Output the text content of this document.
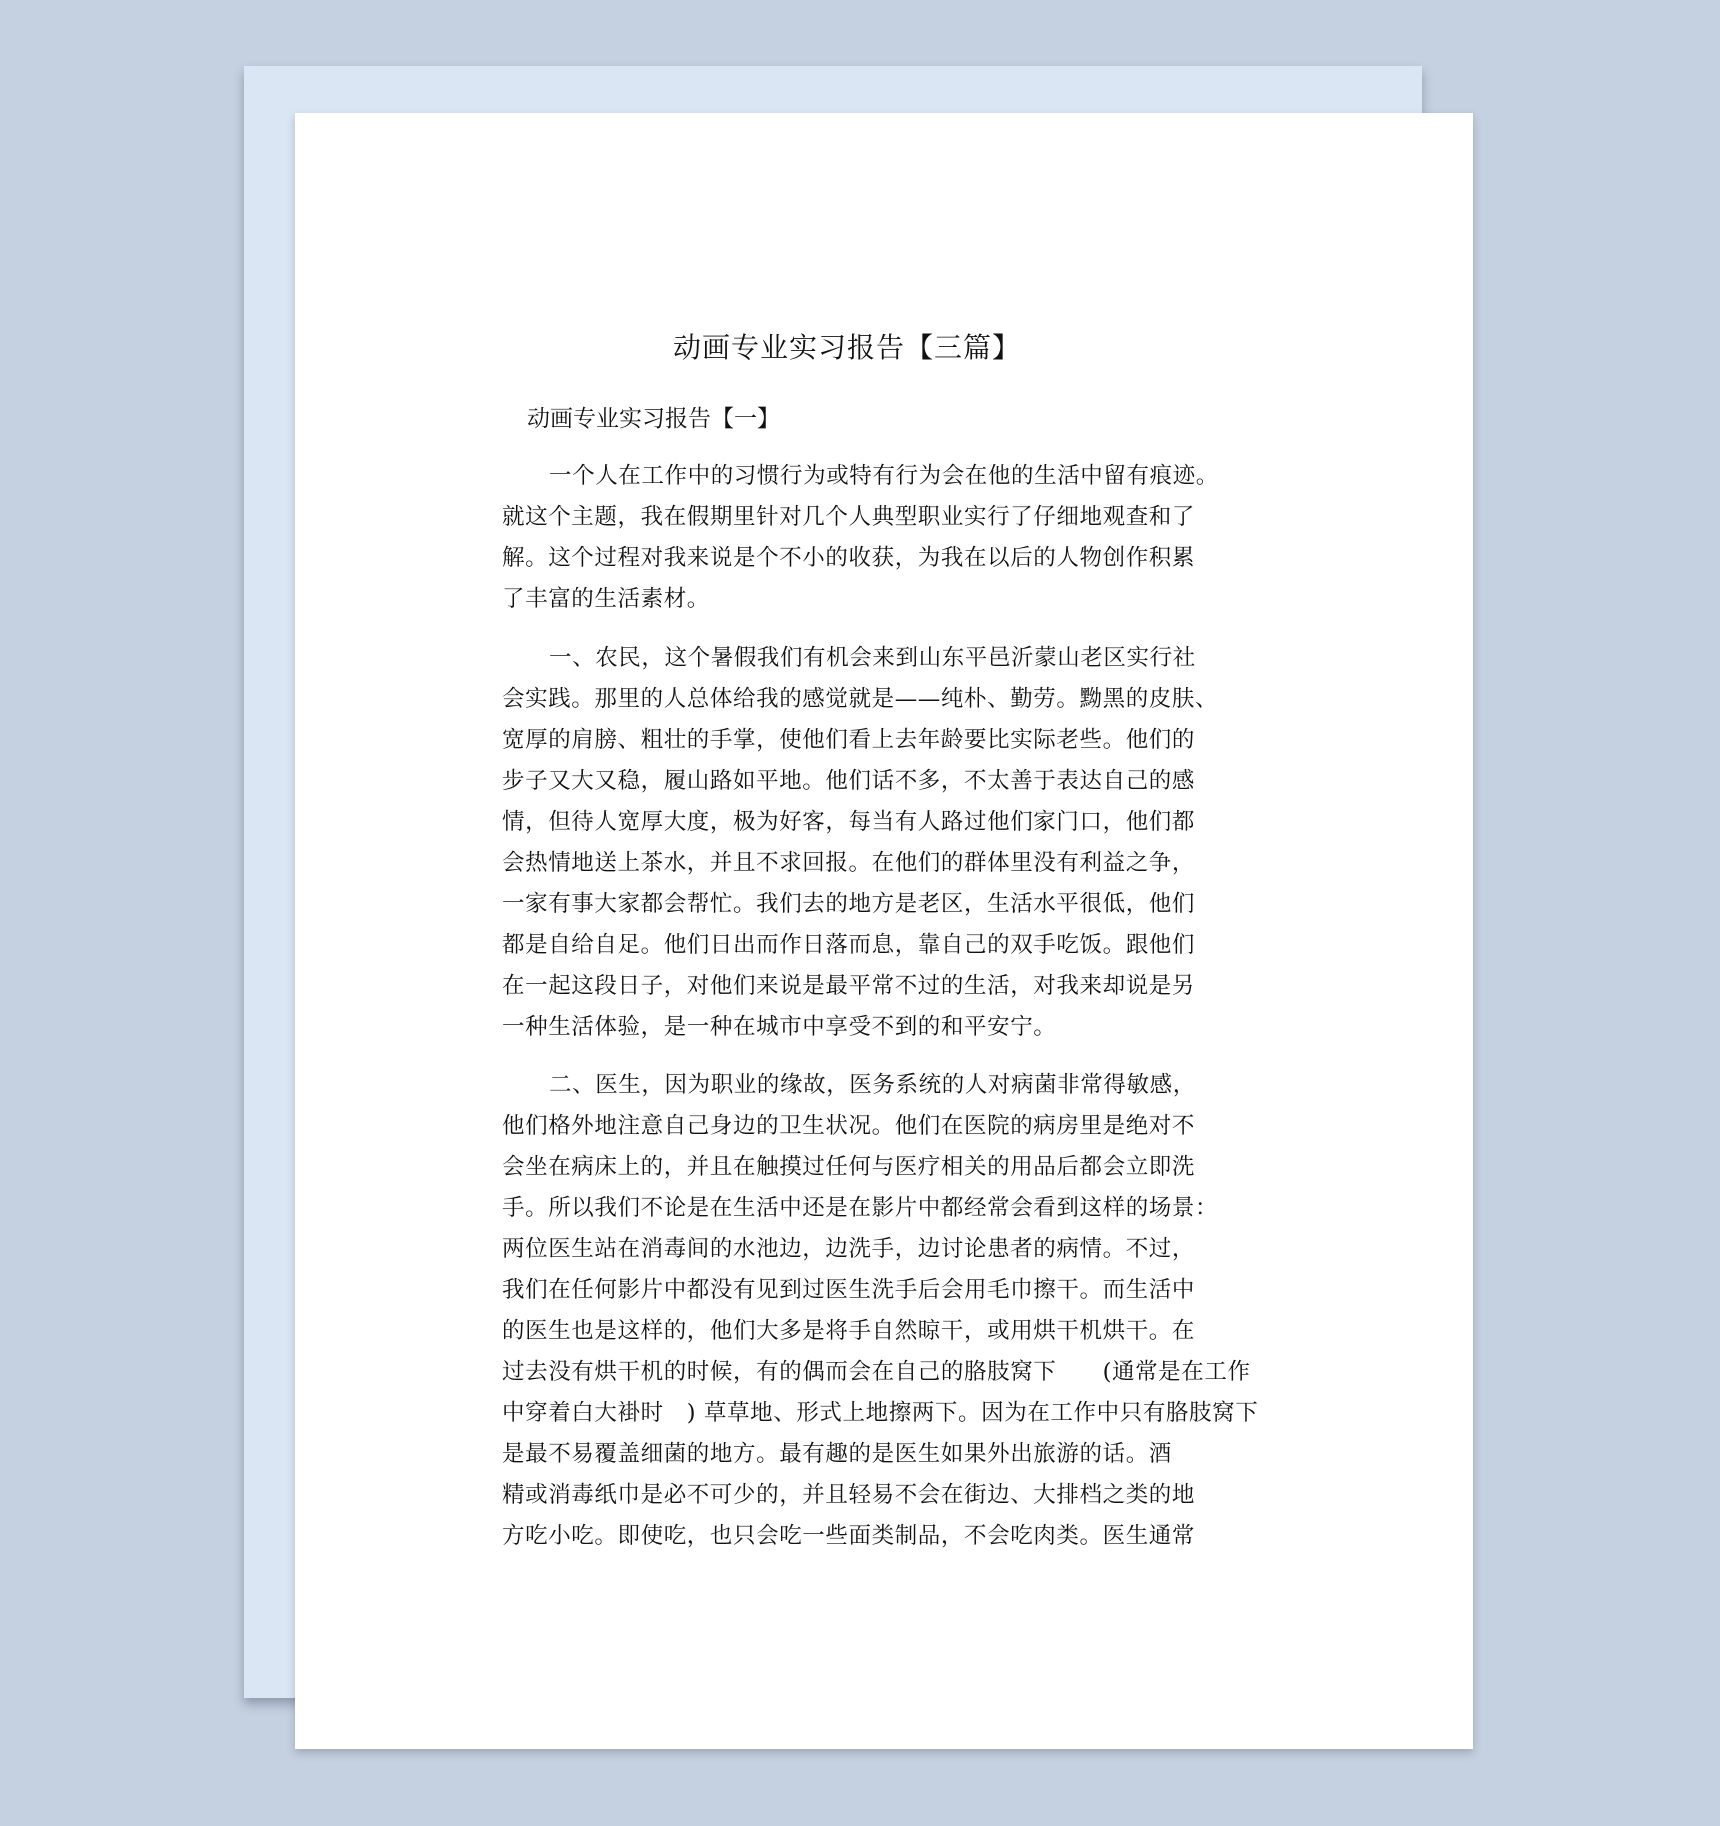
动画专业实习报告【三篇】
动画专业实习报告【一】
一个人在工作中的习惯行为或特有行为会在他的生活中留有痕迹。
就这个主题，我在假期里针对几个人典型职业实行了仔细地观查和了
解。这个过程对我来说是个不小的收获，为我在以后的人物创作积累
了丰富的生活素材。
一、农民，这个暑假我们有机会来到山东平邑沂蒙山老区实行社
会实践。那里的人总体给我的感觉就是——纯朴、勤劳。黝黑的皮肤、
宽厚的肩膀、粗壮的手掌，使他们看上去年龄要比实际老些。他们的
步子又大又稳，履山路如平地。他们话不多，不太善于表达自己的感
情，但待人宽厚大度，极为好客，每当有人路过他们家门口，他们都
会热情地送上茶水，并且不求回报。在他们的群体里没有利益之争，
一家有事大家都会帮忙。我们去的地方是老区，生活水平很低，他们
都是自给自足。他们日出而作日落而息，靠自己的双手吃饭。跟他们
在一起这段日子，对他们来说是最平常不过的生活，对我来却说是另
一种生活体验，是一种在城市中享受不到的和平安宁。
二、医生，因为职业的缘故，医务系统的人对病菌非常得敏感，
他们格外地注意自己身边的卫生状况。他们在医院的病房里是绝对不
会坐在病床上的，并且在触摸过任何与医疗相关的用品后都会立即洗
手。所以我们不论是在生活中还是在影片中都经常会看到这样的场景：
两位医生站在消毒间的水池边，边洗手，边讨论患者的病情。不过，
我们在任何影片中都没有见到过医生洗手后会用毛巾擦干。而生活中
的医生也是这样的，他们大多是将手自然晾干，或用烘干机烘干。在
过去没有烘干机的时候，有的偶而会在自己的胳肢窝下　　(通常是在工作
中穿着白大褂时　) 草草地、形式上地擦两下。因为在工作中只有胳肢窝下
是最不易覆盖细菌的地方。最有趣的是医生如果外出旅游的话。酒
精或消毒纸巾是必不可少的，并且轻易不会在街边、大排档之类的地
方吃小吃。即使吃，也只会吃一些面类制品，不会吃肉类。医生通常
